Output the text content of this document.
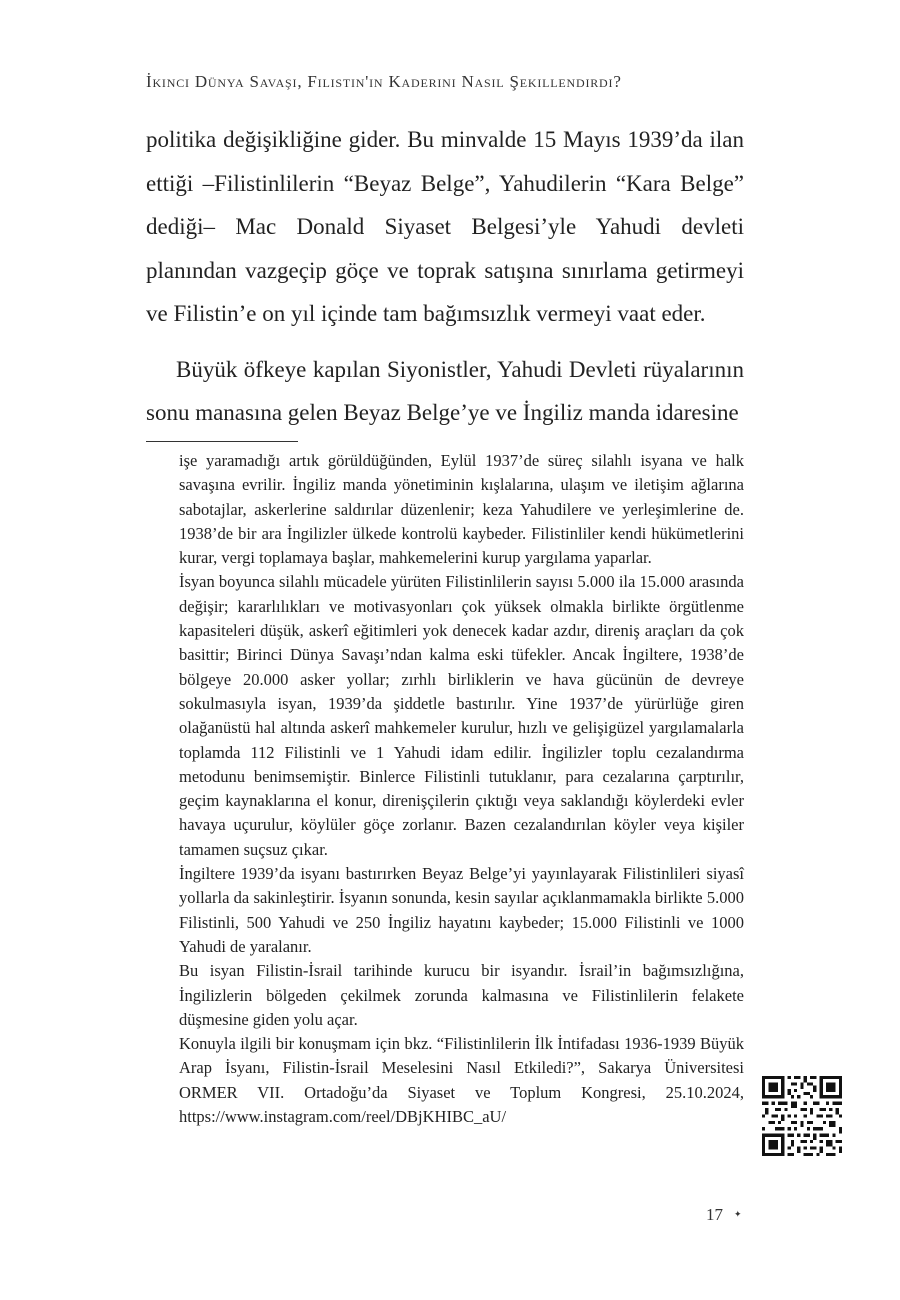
İkinci Dünya Savaşı, Filistin'in Kaderini Nasıl Şekillendirdi?

politika değişikliğine gider. Bu minvalde 15 Mayıs 1939’da ilan ettiği –Filistinlilerin “Beyaz Belge”, Yahudilerin “Kara Belge” dediği– Mac Donald Siyaset Belgesi’yle Yahudi devleti planından vazgeçip göçe ve toprak satışına sınırlama getirmeyi ve Filistin’e on yıl içinde tam bağımsızlık vermeyi vaat eder.

Büyük öfkeye kapılan Siyonistler, Yahudi Devleti rüyalarının sonu manasına gelen Beyaz Belge’ye ve İngiliz manda idaresine

işe yaramadığı artık görüldüğünden, Eylül 1937’de süreç silahlı isyana ve halk savaşına evrilir. İngiliz manda yönetiminin kışlalarına, ulaşım ve iletişim ağlarına sabotajlar, askerlerine saldırılar düzenlenir; keza Yahudilere ve yerleşimlerine de. 1938’de bir ara İngilizler ülkede kontrolü kaybeder. Filistinliler kendi hükümetlerini kurar, vergi toplamaya başlar, mahkemelerini kurup yargılama yaparlar.

İsyan boyunca silahlı mücadele yürüten Filistinlilerin sayısı 5.000 ila 15.000 arasında değişir; kararlılıkları ve motivasyonları çok yüksek olmakla birlikte örgütlenme kapasiteleri düşük, askerî eğitimleri yok denecek kadar azdır, direniş araçları da çok basittir; Birinci Dünya Savaşı’ndan kalma eski tüfekler. Ancak İngiltere, 1938’de bölgeye 20.000 asker yollar; zırhlı birliklerin ve hava gücünün de devreye sokulmasıyla isyan, 1939’da şiddetle bastırılır. Yine 1937’de yürürlüğe giren olağanüstü hal altında askerî mahkemeler kurulur, hızlı ve gelişigüzel yargılamalarla toplamda 112 Filistinli ve 1 Yahudi idam edilir. İngilizler toplu cezalandırma metodunu benimsemiştir. Binlerce Filistinli tutuklanır, para cezalarına çarptırılır, geçim kaynaklarına el konur, direnişçilerin çıktığı veya saklandığı köylerdeki evler havaya uçurulur, köylüler göçe zorlanır. Bazen cezalandırılan köyler veya kişiler tamamen suçsuz çıkar.

İngiltere 1939’da isyanı bastırırken Beyaz Belge’yi yayınlayarak Filistinlileri siyasî yollarla da sakinleştirir. İsyanın sonunda, kesin sayılar açıklanmamakla birlikte 5.000 Filistinli, 500 Yahudi ve 250 İngiliz hayatını kaybeder; 15.000 Filistinli ve 1000 Yahudi de yaralanır.

Bu isyan Filistin-İsrail tarihinde kurucu bir isyandır. İsrail’in bağımsızlığına, İngilizlerin bölgeden çekilmek zorunda kalmasına ve Filistinlilerin felakete düşmesine giden yolu açar.

Konuyla ilgili bir konuşmam için bkz. “Filistinlilerin İlk İntifadası 1936-1939 Büyük Arap İsyanı, Filistin-İsrail Meselesini Nasıl Etkiledi?”, Sakarya Üniversitesi ORMER VII. Ortadoğu’da Siyaset ve Toplum Kongresi, 25.10.2024, https://www.instagram.com/reel/DBjKHIBC_aU/

17 ✦
